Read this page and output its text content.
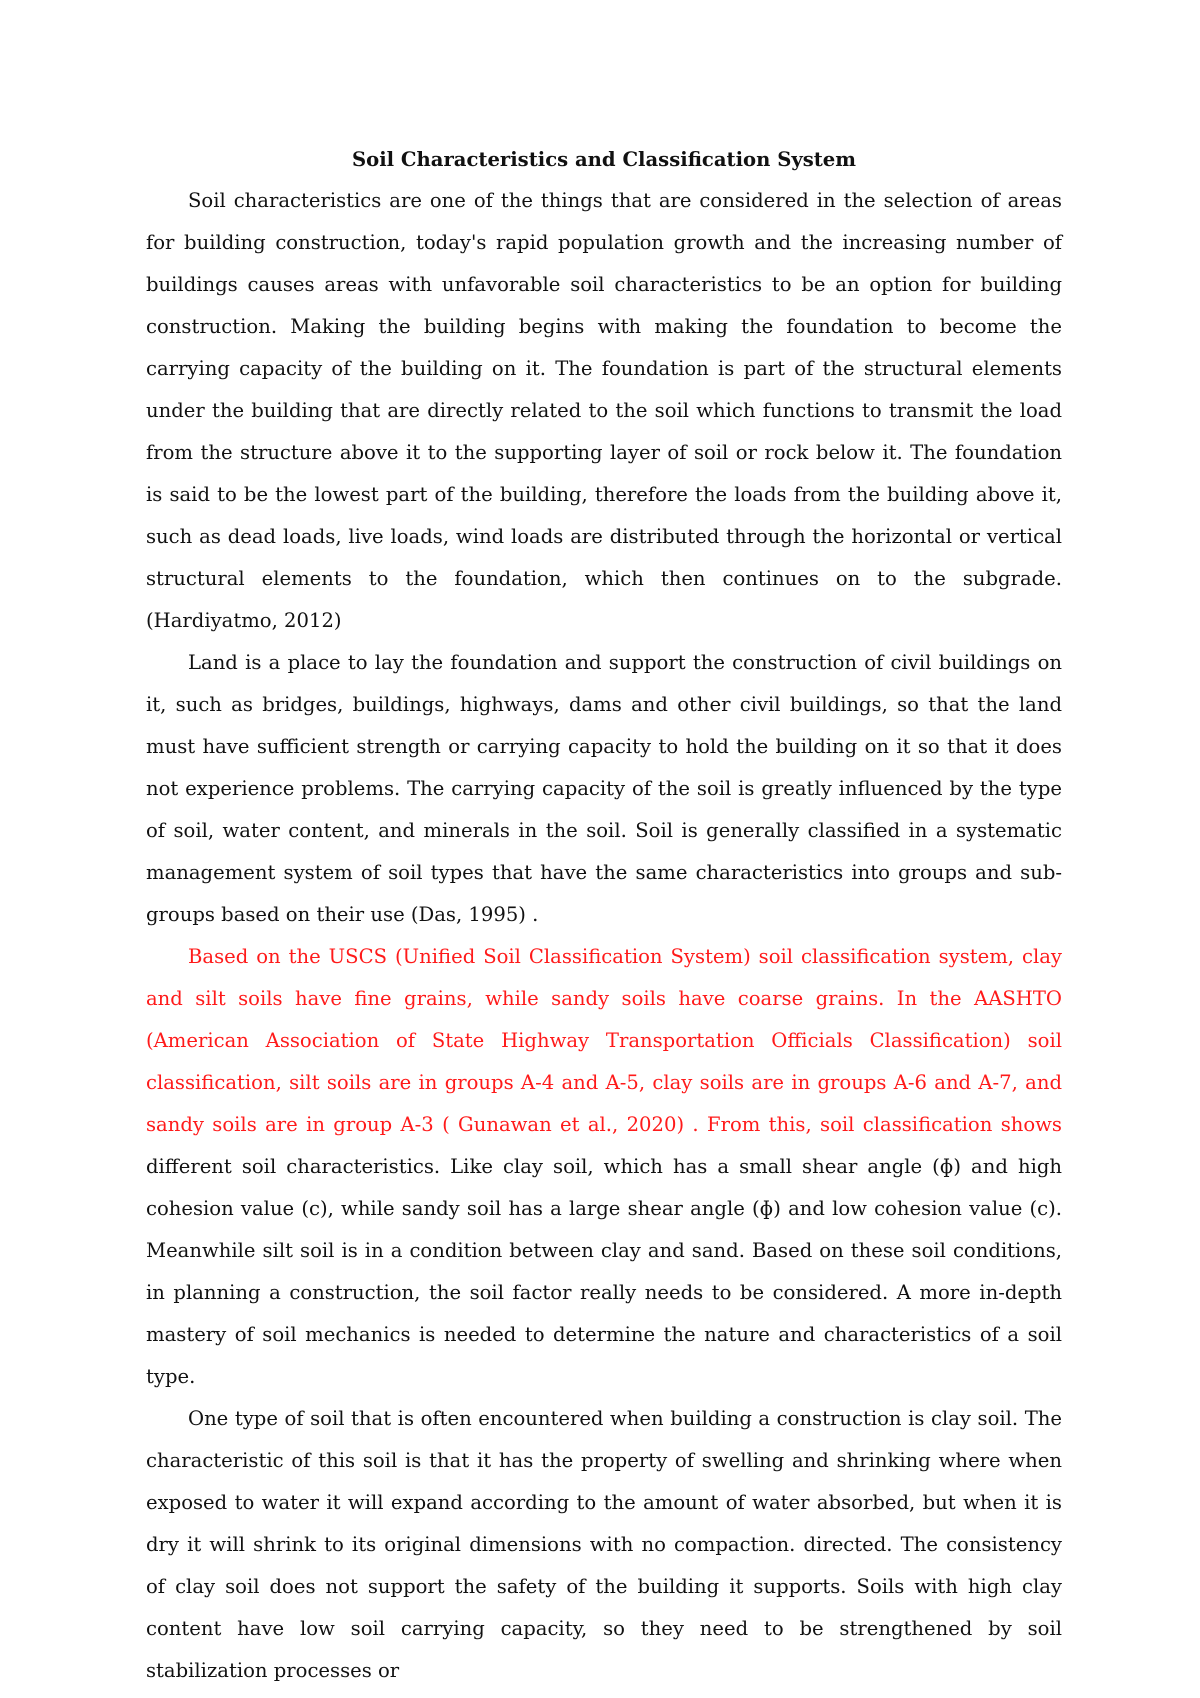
Soil Characteristics and Classification System

Soil characteristics are one of the things that are considered in the selection of areas for building construction, today's rapid population growth and the increasing number of buildings causes areas with unfavorable soil characteristics to be an option for building construction. Making the building begins with making the foundation to become the carrying capacity of the building on it. The foundation is part of the structural elements under the building that are directly related to the soil which functions to transmit the load from the structure above it to the supporting layer of soil or rock below it. The foundation is said to be the lowest part of the building, therefore the loads from the building above it, such as dead loads, live loads, wind loads are distributed through the horizontal or vertical structural elements to the foundation, which then continues on to the subgrade. (Hardiyatmo, 2012)

Land is a place to lay the foundation and support the construction of civil buildings on it, such as bridges, buildings, highways, dams and other civil buildings, so that the land must have sufficient strength or carrying capacity to hold the building on it so that it does not experience problems. The carrying capacity of the soil is greatly influenced by the type of soil, water content, and minerals in the soil. Soil is generally classified in a systematic management system of soil types that have the same characteristics into groups and sub-groups based on their use (Das, 1995) .

Based on the USCS (Unified Soil Classification System) soil classification system, clay and silt soils have fine grains, while sandy soils have coarse grains. In the AASHTO (American Association of State Highway Transportation Officials Classification) soil classification, silt soils are in groups A-4 and A-5, clay soils are in groups A-6 and A-7, and sandy soils are in group A-3 ( Gunawan et al., 2020) . From this, soil classification shows different soil characteristics. Like clay soil, which has a small shear angle (ɸ) and high cohesion value (c), while sandy soil has a large shear angle (ɸ) and low cohesion value (c). Meanwhile silt soil is in a condition between clay and sand. Based on these soil conditions, in planning a construction, the soil factor really needs to be considered. A more in-depth mastery of soil mechanics is needed to determine the nature and characteristics of a soil type.

One type of soil that is often encountered when building a construction is clay soil. The characteristic of this soil is that it has the property of swelling and shrinking where when exposed to water it will expand according to the amount of water absorbed, but when it is dry it will shrink to its original dimensions with no compaction. directed. The consistency of clay soil does not support the safety of the building it supports. Soils with high clay content have low soil carrying capacity, so they need to be strengthened by soil stabilization processes or
